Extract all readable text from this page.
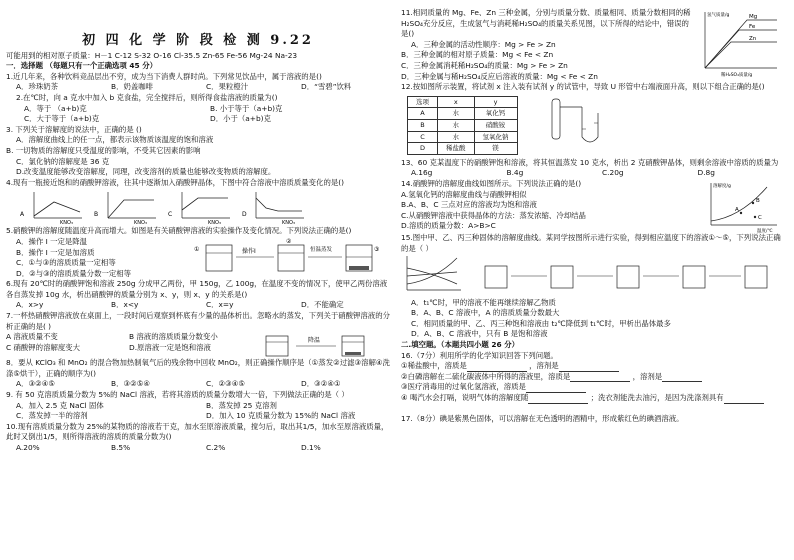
初 四 化 学 阶 段 检 测 9.22
可能用到的相对原子质量：H－1 C-12 S-32 O-16 Cl-35.5 Zn-65 Fe-56 Mg-24 Na-23
一．选择题 （每题只有一个正确选项 45 分）
1.近几年来，各种饮料竞品层出不穷，成为当下消费人群时尚。下列常见饮品中，属于溶液的是()
A．珍珠奶茶	B．奶盖咖啡	C．果粒橙汁	D．“雪碧”饮料
2.在℃时，向 a 克水中加入 b 克食盐，完全搅拌后，则所得食盐溶液的质量为()
A．等于 （a+b)克	B. 小于等于（a+b)克
C．大于等于（a+b)克	D．小于（a+b)克
3. 下列关于溶解度的说法中，正确的是 ()
A．溶解度曲线上的任一点，都表示该物质该温度的饱和溶液
B. 一切物质的溶解度只受温度的影响，不受其它因素的影响
C．氯化钠的溶解度是 36 克
D.改变温度能够改变溶解度，同理，改变溶剂的质量也能够改变物质的溶解度。
4.现有一瓶接近饱和的硝酸钾溶液，往其中逐渐加入硝酸钾晶体，下图中符合溶液中溶质质量变化的是()
A
KNO₃
B
KNO₃
C
KNO₃
D
KNO₃
5.硝酸钾的溶解度随温度升高而增大。如图是有关硝酸钾溶液的实验操作及变化情况。下列说法正确的是()
A．操作 I 一定是降温
B．操作 I 一定是加溶质
C．①与③的溶质质量一定相等
D．②与③的溶质质量分数一定相等
①	操作Ⅰ
②
恒温蒸发	③
6.现有 20℃时的硝酸钾饱和溶液 250g 分成甲乙两份，甲 150g，乙 100g，在温度不变的情况下，使甲乙两份溶液各自蒸发掉 10g 水，析出硝酸钾的质量分别为 x、y，则 x、y 的关系是()
A．x>y	B．x<y	C．x=y	D．不能确定
7.一杯热硝酸钾溶液放在桌面上，一段时间后观察到杯底有少量的晶体析出。忽略水的蒸发，下列关于硝酸钾溶液的分析正确的是( )
A 溶液质量不变	B 溶液的溶质质量分数变小
C 硝酸钾的溶解度变大	D.原溶液一定是饱和溶液
降温
8．要从 KClO₃ 和 MnO₂ 的混合物加热制氧气后的残余物中回收 MnO₂，则正确操作顺序是（①蒸发②过滤③溶解④洗涤⑤烘干），正确的顺序为()
A．③②④⑤	B．③②⑤④	C．②③④⑤	D．③②④①
9. 有 50 克溶质质量分数为 5%的 NaCl 溶液，若将其溶质的质量分数增大一倍，下列做法正确的是（ ）
A．加入 2.5 克 NaCl 固体	B．蒸发掉 25 克溶剂
C．蒸发掉一半的溶剂	D．加入 10 克质量分数为 15%的 NaCl 溶液
10.现有溶质质量分数为 25%的某物质的溶液若干克，加水至原溶液质量，搅匀后，取出其1/5，加水至原溶液质量，此时又倒出1/5，则所得溶液的溶质的质量分数为()
A.20%	B.5%	C.2%	D.1%
11.相同质量的 Mg、Fe、Zn 三种金属，分别与质量分数、质量相同、质量分数相同的稀H₂SO₄充分反应，生成氢气与消耗稀H₂SO₄的质量关系见图，以下所得的结论中，错误的是()
A．三种金属的活动性顺序：Mg > Fe > Zn
B．三种金属的相对原子质量：Mg < Fe < Zn
C．三种金属消耗稀H₂SO₄的质量：Mg > Fe > Zn
D．三种金属与稀H₂SO₄反应后溶液的质量：Mg < Fe < Zn
Mg
Fe
Zn
氢气质量/g
稀H₂SO₄质量/g
12.按如图所示装置，将试剂 x 注入装有试剂 y 的试管中，导致 U 形管中右端液面升高，则以下组合正确的是()
选项	x	y
A	水	氧化钙
B	水	硝酸铵
C	水	氢氧化钠
D	稀盐酸	镁
13、60 克某温度下的硝酸钾饱和溶液，将其恒温蒸发 10 克水，析出 2 克硝酸钾晶体，则剩余溶液中溶质的质量为
A.16g	B.4g	C.20g	D.8g
14.硝酸钾的溶解度曲线如图所示。下列说法正确的是()
A.氢氧化钙的溶解度曲线与硝酸钾相似
B.A、B、C 三点对应的溶液均为饱和溶液
C.从硝酸钾溶液中获得晶体的方法：蒸发浓缩、冷却结晶
D.溶质的质量分数：A>B>C
A
B
C
溶解度/g
温度/℃
15.图中甲、乙、丙三种固体的溶解度曲线。某同学按图所示进行实验，得到相应温度下的溶液①～⑤，下列说法正确的是（ ）
A．t₁℃时，甲的溶液不能再继续溶解乙物质
B．A、B、C 溶液中，A 的溶质质量分数最大
C．相同质量的甲、乙、丙三种饱和溶液由 t₂℃降低到 t₁℃时，甲析出晶体最多
D．A、B、C 溶液中，只有 B 是饱和溶液
二.填空题。（本题共四小题 26 分）
16.（7分）利用所学的化学知识回答下列问题。
①稀盐酸中，溶质是	，溶剂是
②白磷溶解在二硫化碳液体中所得的溶液里，溶质是	，溶剂是
③医疗消毒用的过氧化氢溶液，溶质是
④ 喝汽水会打嗝，说明气体的溶解度随	；洗衣剂能洗去油污，是因为洗涤剂具有
17.（8分）碘是紫黑色固体，可以溶解在无色透明的酒精中，形成紫红色的碘酒溶液。
